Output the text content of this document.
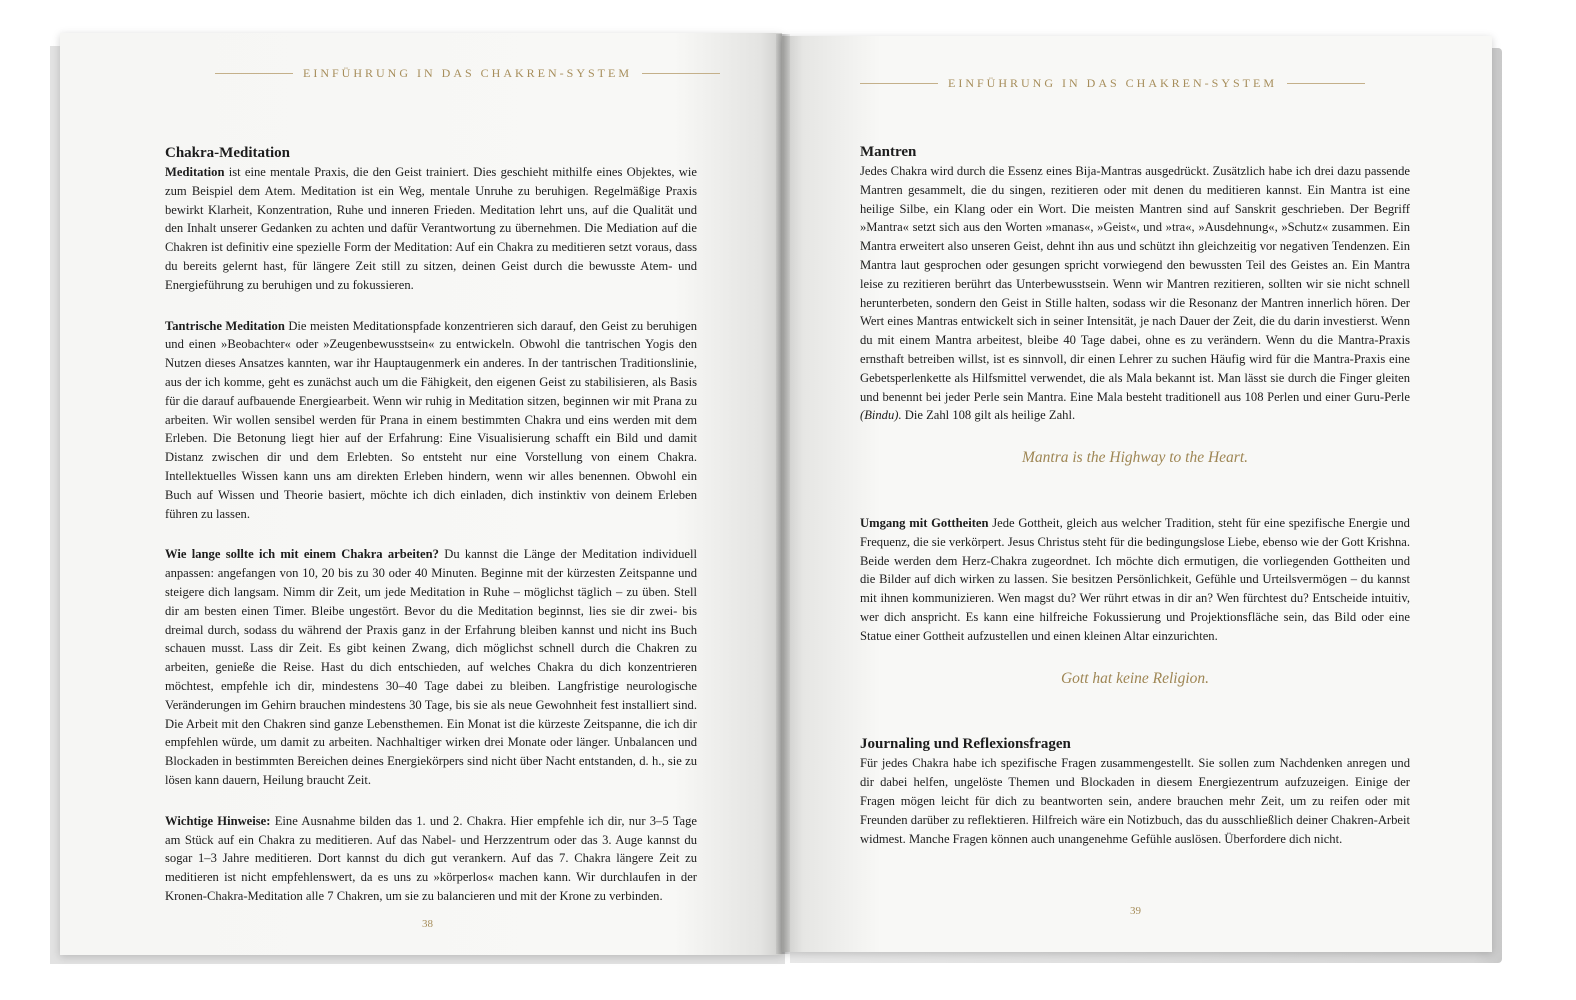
EINFÜHRUNG IN DAS CHAKREN-SYSTEM
EINFÜHRUNG IN DAS CHAKREN-SYSTEM
Chakra-Meditation

Meditation ist eine mentale Praxis, die den Geist trainiert. Dies geschieht mithilfe eines Objektes, wie zum Beispiel dem Atem. Meditation ist ein Weg, mentale Unruhe zu beruhigen. Regelmäßige Praxis bewirkt Klarheit, Konzentration, Ruhe und inneren Frieden. Meditation lehrt uns, auf die Qualität und den Inhalt unserer Gedanken zu achten und dafür Verantwortung zu übernehmen. Die Mediation auf die Chakren ist definitiv eine spezielle Form der Meditation: Auf ein Chakra zu meditieren setzt voraus, dass du bereits gelernt hast, für längere Zeit still zu sitzen, deinen Geist durch die bewusste Atem- und Energieführung zu beruhigen und zu fokussieren.

Tantrische Meditation Die meisten Meditationspfade konzentrieren sich darauf, den Geist zu beruhigen und einen »Beobachter« oder »Zeugenbewusstsein« zu entwickeln. Obwohl die tantrischen Yogis den Nutzen dieses Ansatzes kannten, war ihr Hauptaugenmerk ein anderes. In der tantrischen Traditionslinie, aus der ich komme, geht es zunächst auch um die Fähigkeit, den eigenen Geist zu stabilisieren, als Basis für die darauf aufbauende Energiearbeit. Wenn wir ruhig in Meditation sitzen, beginnen wir mit Prana zu arbeiten. Wir wollen sensibel werden für Prana in einem bestimmten Chakra und eins werden mit dem Erleben. Die Betonung liegt hier auf der Erfahrung: Eine Visualisierung schafft ein Bild und damit Distanz zwischen dir und dem Erlebten. So entsteht nur eine Vorstellung von einem Chakra. Intellektuelles Wissen kann uns am direkten Erleben hindern, wenn wir alles benennen. Obwohl ein Buch auf Wissen und Theorie basiert, möchte ich dich einladen, dich instinktiv von deinem Erleben führen zu lassen.

Wie lange sollte ich mit einem Chakra arbeiten? Du kannst die Länge der Meditation individuell anpassen: angefangen von 10, 20 bis zu 30 oder 40 Minuten. Beginne mit der kürzesten Zeitspanne und steigere dich langsam. Nimm dir Zeit, um jede Meditation in Ruhe – möglichst täglich – zu üben. Stell dir am besten einen Timer. Bleibe ungestört. Bevor du die Meditation beginnst, lies sie dir zwei- bis dreimal durch, sodass du während der Praxis ganz in der Erfahrung bleiben kannst und nicht ins Buch schauen musst. Lass dir Zeit. Es gibt keinen Zwang, dich möglichst schnell durch die Chakren zu arbeiten, genieße die Reise. Hast du dich entschieden, auf welches Chakra du dich konzentrieren möchtest, empfehle ich dir, mindestens 30–40 Tage dabei zu bleiben. Langfristige neurologische Veränderungen im Gehirn brauchen mindestens 30 Tage, bis sie als neue Gewohnheit fest installiert sind. Die Arbeit mit den Chakren sind ganze Lebensthemen. Ein Monat ist die kürzeste Zeitspanne, die ich dir empfehlen würde, um damit zu arbeiten. Nachhaltiger wirken drei Monate oder länger. Unbalancen und Blockaden in bestimmten Bereichen deines Energiekörpers sind nicht über Nacht entstanden, d. h., sie zu lösen kann dauern, Heilung braucht Zeit.

Wichtige Hinweise: Eine Ausnahme bilden das 1. und 2. Chakra. Hier empfehle ich dir, nur 3–5 Tage am Stück auf ein Chakra zu meditieren. Auf das Nabel- und Herzzentrum oder das 3. Auge kannst du sogar 1–3 Jahre meditieren. Dort kannst du dich gut verankern. Auf das 7. Chakra längere Zeit zu meditieren ist nicht empfehlenswert, da es uns zu »körperlos« machen kann. Wir durchlaufen in der Kronen-Chakra-Meditation alle 7 Chakren, um sie zu balancieren und mit der Krone zu verbinden.

Mantren

Jedes Chakra wird durch die Essenz eines Bija-Mantras ausgedrückt. Zusätzlich habe ich drei dazu passende Mantren gesammelt, die du singen, rezitieren oder mit denen du meditieren kannst. Ein Mantra ist eine heilige Silbe, ein Klang oder ein Wort. Die meisten Mantren sind auf Sanskrit geschrieben. Der Begriff »Mantra« setzt sich aus den Worten »manas«, »Geist«, und »tra«, »Ausdehnung«, »Schutz« zusammen. Ein Mantra erweitert also unseren Geist, dehnt ihn aus und schützt ihn gleichzeitig vor negativen Tendenzen. Ein Mantra laut gesprochen oder gesungen spricht vorwiegend den bewussten Teil des Geistes an. Ein Mantra leise zu rezitieren berührt das Unterbewusstsein. Wenn wir Mantren rezitieren, sollten wir sie nicht schnell herunterbeten, sondern den Geist in Stille halten, sodass wir die Resonanz der Mantren innerlich hören. Der Wert eines Mantras entwickelt sich in seiner Intensität, je nach Dauer der Zeit, die du darin investierst. Wenn du mit einem Mantra arbeitest, bleibe 40 Tage dabei, ohne es zu verändern. Wenn du die Mantra-Praxis ernsthaft betreiben willst, ist es sinnvoll, dir einen Lehrer zu suchen Häufig wird für die Mantra-Praxis eine Gebetsperlenkette als Hilfsmittel verwendet, die als Mala bekannt ist. Man lässt sie durch die Finger gleiten und benennt bei jeder Perle sein Mantra. Eine Mala besteht traditionell aus 108 Perlen und einer Guru-Perle (Bindu). Die Zahl 108 gilt als heilige Zahl.

Mantra is the Highway to the Heart.

Umgang mit Gottheiten Jede Gottheit, gleich aus welcher Tradition, steht für eine spezifische Energie und Frequenz, die sie verkörpert. Jesus Christus steht für die bedingungslose Liebe, ebenso wie der Gott Krishna. Beide werden dem Herz-Chakra zugeordnet. Ich möchte dich ermutigen, die vorliegenden Gottheiten und die Bilder auf dich wirken zu lassen. Sie besitzen Persönlichkeit, Gefühle und Urteilsvermögen – du kannst mit ihnen kommunizieren. Wen magst du? Wer rührt etwas in dir an? Wen fürchtest du? Entscheide intuitiv, wer dich anspricht. Es kann eine hilfreiche Fokussierung und Projektionsfläche sein, das Bild oder eine Statue einer Gottheit aufzustellen und einen kleinen Altar einzurichten.

Gott hat keine Religion.
Journaling und Reflexionsfragen

Für jedes Chakra habe ich spezifische Fragen zusammengestellt. Sie sollen zum Nachdenken anregen und dir dabei helfen, ungelöste Themen und Blockaden in diesem Energiezentrum aufzuzeigen. Einige der Fragen mögen leicht für dich zu beantworten sein, andere brauchen mehr Zeit, um zu reifen oder mit Freunden darüber zu reflektieren. Hilfreich wäre ein Notizbuch, das du ausschließlich deiner Chakren-Arbeit widmest. Manche Fragen können auch unangenehme Gefühle auslösen. Überfordere dich nicht.

38
39
